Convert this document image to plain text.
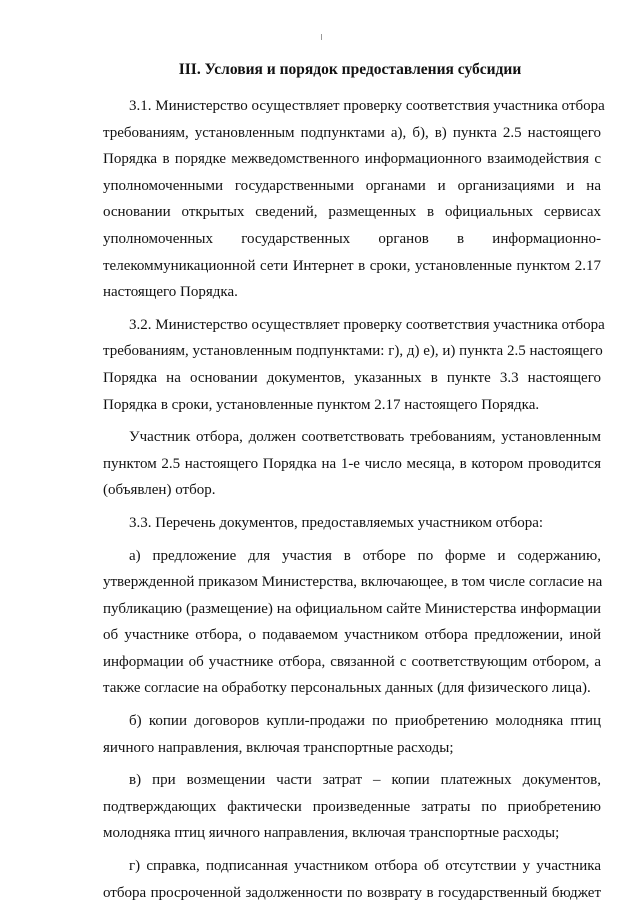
III. Условия и порядок предоставления субсидии
3.1. Министерство осуществляет проверку соответствия участника отбора
требованиям, установленным подпунктами а), б), в) пункта 2.5 настоящего
Порядка в порядке межведомственного информационного взаимодействия с
уполномоченными государственными органами и организациями и на
основании открытых сведений, размещенных в официальных сервисах
уполномоченных государственных органов в информационно-
телекоммуникационной сети Интернет в сроки, установленные пунктом 2.17
настоящего Порядка.
3.2. Министерство осуществляет проверку соответствия участника отбора
требованиям, установленным подпунктами: г), д) е), и) пункта 2.5 настоящего
Порядка на основании документов, указанных в пункте 3.3 настоящего
Порядка в сроки, установленные пунктом 2.17 настоящего Порядка.
Участник отбора, должен соответствовать требованиям, установленным
пунктом 2.5 настоящего Порядка на 1-е число месяца, в котором проводится
(объявлен) отбор.
3.3. Перечень документов, предоставляемых участником отбора:
а) предложение для участия в отборе по форме и содержанию,
утвержденной приказом Министерства, включающее, в том числе согласие на
публикацию (размещение) на официальном сайте Министерства информации
об участнике отбора, о подаваемом участником отбора предложении, иной
информации об участнике отбора, связанной с соответствующим отбором, а
также согласие на обработку персональных данных (для физического лица).
б) копии договоров купли-продажи по приобретению молодняка птиц
яичного направления, включая транспортные расходы;
в) при возмещении части затрат – копии платежных документов,
подтверждающих фактически произведенные затраты по приобретению
молодняка птиц яичного направления, включая транспортные расходы;
г) справка, подписанная участником отбора об отсутствии у участника
отбора просроченной задолженности по возврату в государственный бюджет
